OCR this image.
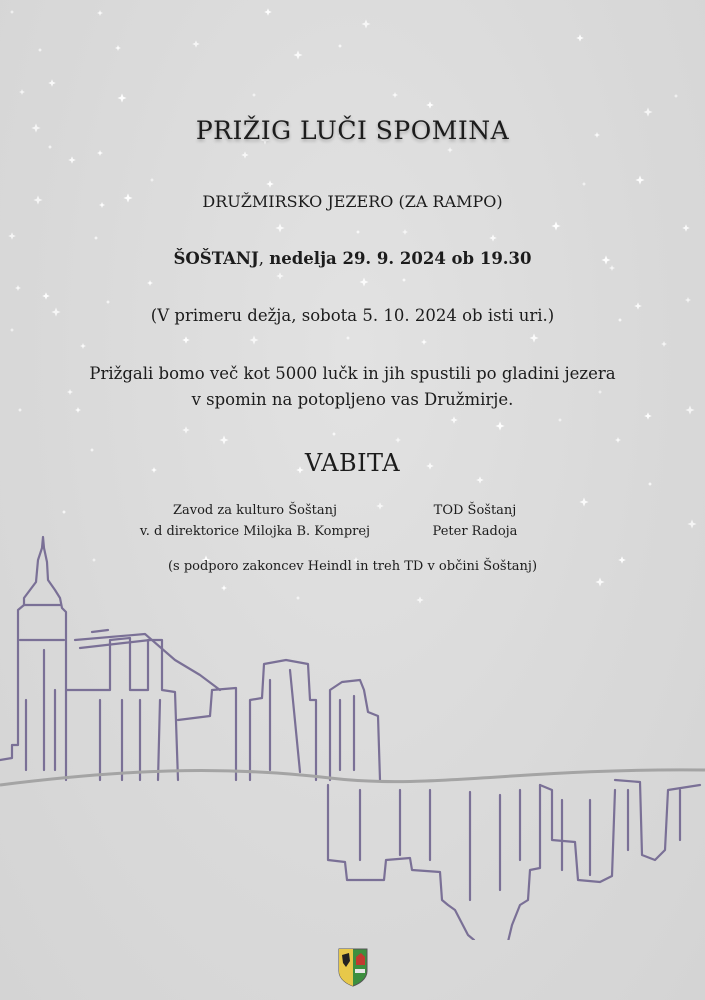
PRIŽIG LUČI SPOMINA
DRUŽMIRSKO JEZERO (ZA RAMPO)
ŠOŠTANJ, nedelja 29. 9. 2024 ob 19.30
(V primeru dežja, sobota 5. 10. 2024 ob isti uri.)
Prižgali bomo več kot 5000 lučk in jih spustili po gladini jezera
v spomin na potopljeno vas Družmirje.
VABITA
Zavod za kulturo Šoštanj
v. d direktorice Milojka B. Komprej
TOD Šoštanj
Peter Radoja
(s podporo zakoncev Heindl in treh TD v občini Šoštanj)
